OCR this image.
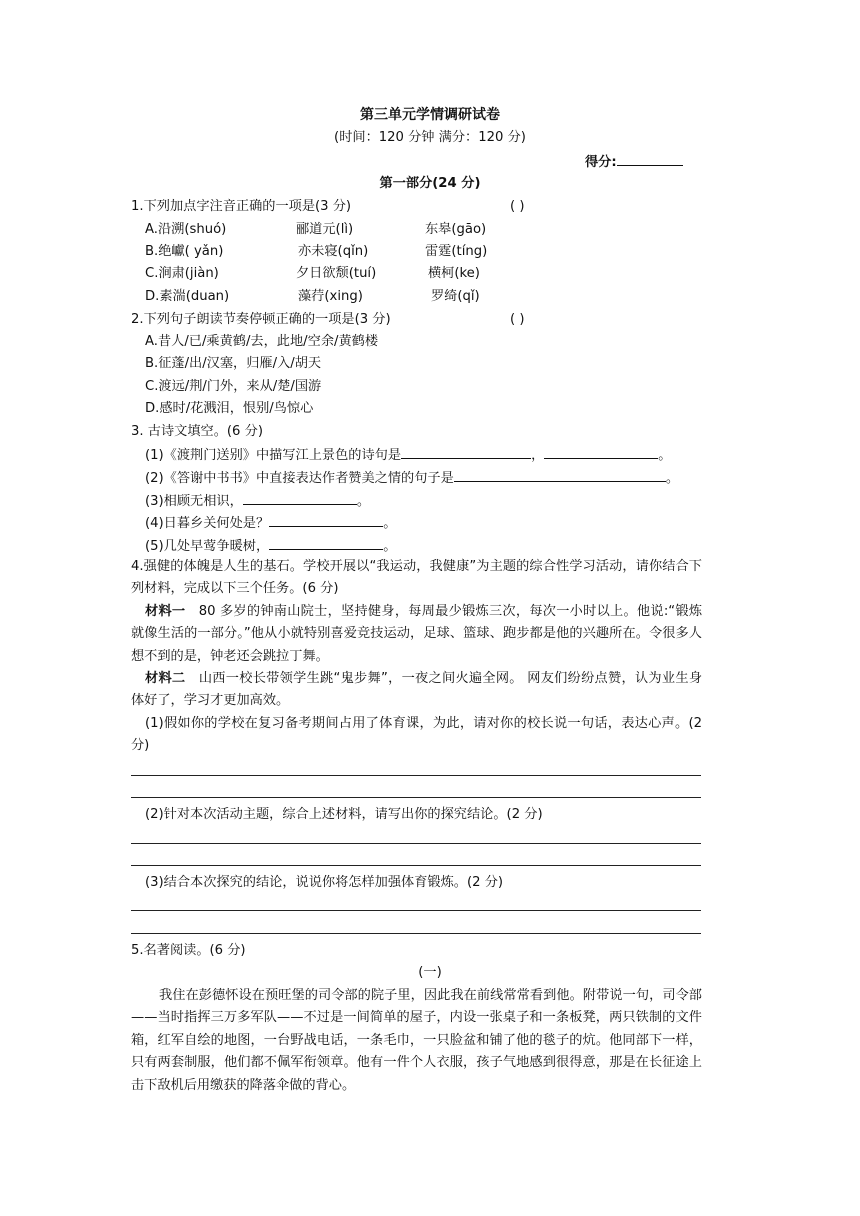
第三单元学情调研试卷
(时间：120 分钟 满分：120 分)
得分:
第一部分(24 分)
1.下列加点字注音正确的一项是(3 分)	( )
A.沿溯(shuó)	郦道元(lì)	东皋(gāo)
B.绝巘( yǎn)	亦未寝(qǐn)	雷霆(tíng)
C.涧肃(jiàn)	夕日欲颓(tuí)	横柯(ke)
D.素湍(duan)	藻荇(xing)	罗绮(qǐ)
2.下列句子朗读节奏停顿正确的一项是(3 分)	( )
A.昔人/已/乘黄鹤/去，此地/空余/黄鹤楼
B.征蓬/出/汉塞，归雁/入/胡天
C.渡远/荆/门外，来从/楚/国游
D.感时/花溅泪，恨别/鸟惊心
3. 古诗文填空。(6 分)
(1)《渡荆门送别》中描写江上景色的诗句是	，	。
(2)《答谢中书书》中直接表达作者赞美之情的句子是	。
(3)相顾无相识，	。
(4)日暮乡关何处是？	。
(5)几处早莺争暖树，	。
4.强健的体魄是人生的基石。学校开展以“我运动，我健康”为主题的综合性学习活动，请你结合下列材料，完成以下三个任务。(6 分)
材料一 80 多岁的钟南山院士，坚持健身，每周最少锻炼三次，每次一小时以上。他说:“锻炼就像生活的一部分。”他从小就特别喜爱竞技运动，足球、篮球、跑步都是他的兴趣所在。令很多人想不到的是，钟老还会跳拉丁舞。
材料二 山西一校长带领学生跳“鬼步舞”，一夜之间火遍全网。 网友们纷纷点赞，认为业生身体好了，学习才更加高效。
(1)假如你的学校在复习备考期间占用了体育课，为此，请对你的校长说一句话，表达心声。(2 分)
(2)针对本次活动主题，综合上述材料，请写出你的探究结论。(2 分)
(3)结合本次探究的结论，说说你将怎样加强体育锻炼。(2 分)
5.名著阅读。(6 分)
(一)
我住在彭德怀设在预旺堡的司令部的院子里，因此我在前线常常看到他。附带说一句，司令部——当时指挥三万多军队——不过是一间简单的屋子，内设一张桌子和一条板凳，两只铁制的文件箱，红军自绘的地图，一台野战电话，一条毛巾，一只脸盆和铺了他的毯子的炕。他同部下一样，只有两套制服，他们都不佩军衔领章。他有一件个人衣服，孩子气地感到很得意，那是在长征途上击下敌机后用缴获的降落伞做的背心。
